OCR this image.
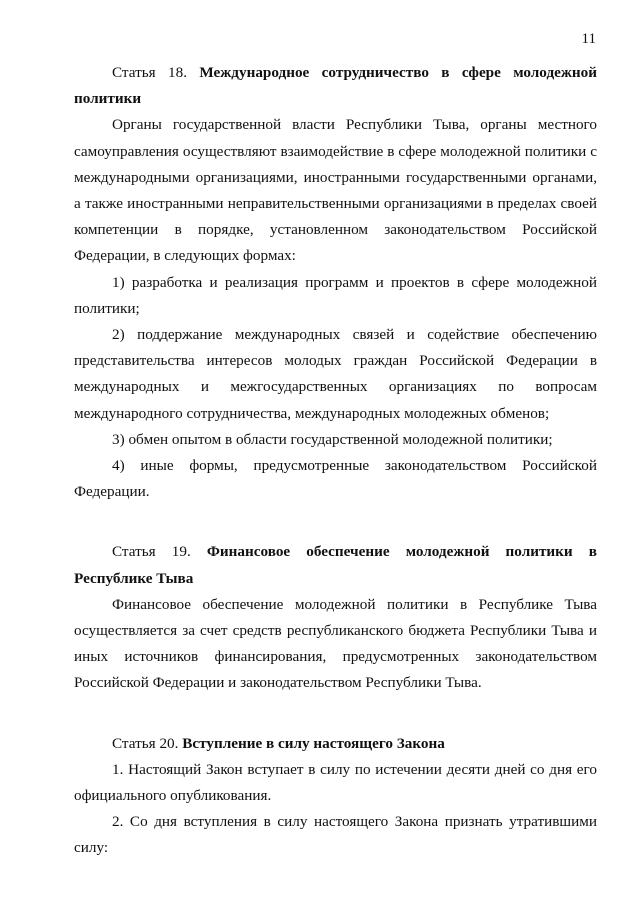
11

Статья 18. Международное сотрудничество в сфере молодежной политики

Органы государственной власти Республики Тыва, органы местного самоуправления осуществляют взаимодействие в сфере молодежной политики с международными организациями, иностранными государственными органами, а также иностранными неправительственными организациями в пределах своей компетенции в порядке, установленном законодательством Российской Федерации, в следующих формах:

1) разработка и реализация программ и проектов в сфере молодежной политики;

2) поддержание международных связей и содействие обеспечению представительства интересов молодых граждан Российской Федерации в международных и межгосударственных организациях по вопросам международного сотрудничества, международных молодежных обменов;

3) обмен опытом в области государственной молодежной политики;

4) иные формы, предусмотренные законодательством Российской Федерации.

Статья 19. Финансовое обеспечение молодежной политики в Республике Тыва

Финансовое обеспечение молодежной политики в Республике Тыва осуществляется за счет средств республиканского бюджета Республики Тыва и иных источников финансирования, предусмотренных законодательством Российской Федерации и законодательством Республики Тыва.

Статья 20. Вступление в силу настоящего Закона

1. Настоящий Закон вступает в силу по истечении десяти дней со дня его официального опубликования.

2. Со дня вступления в силу настоящего Закона признать утратившими силу:
